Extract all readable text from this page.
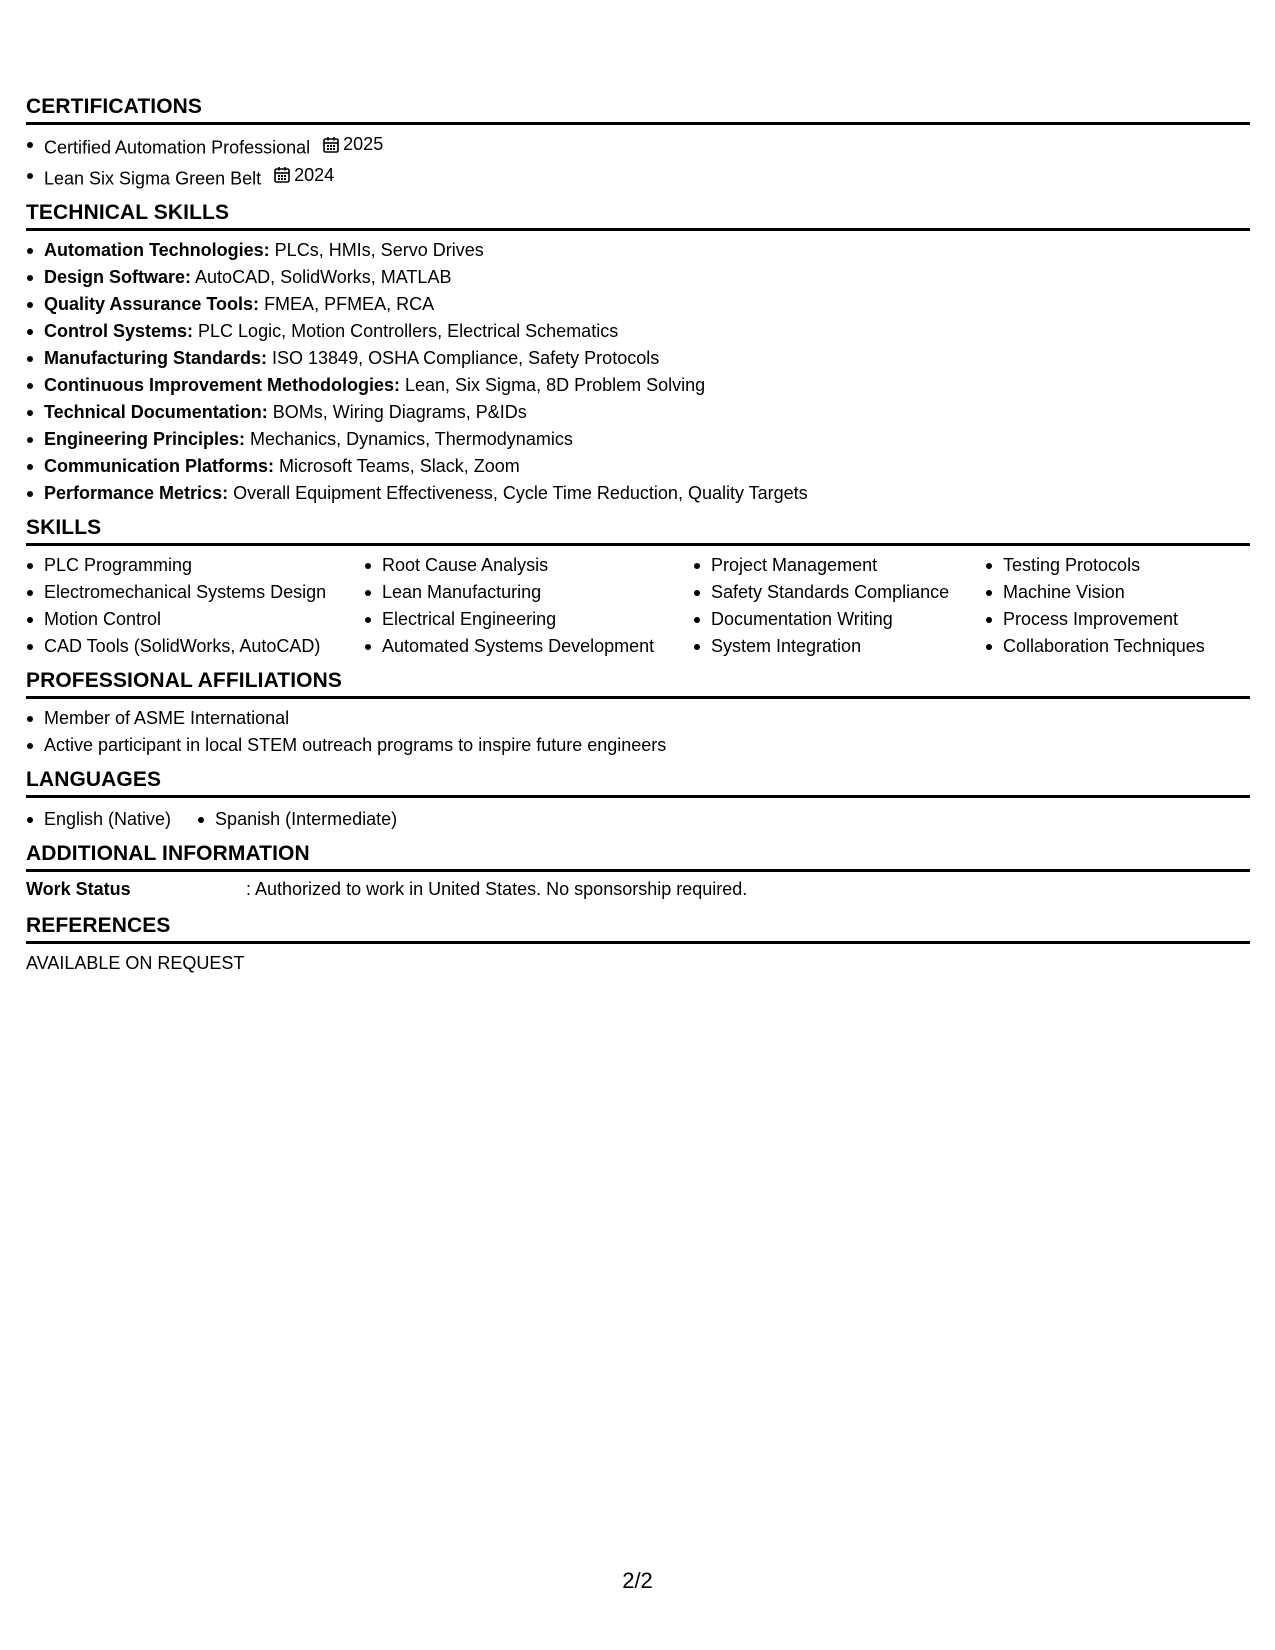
CERTIFICATIONS
Certified Automation Professional 2025
Lean Six Sigma Green Belt 2024
TECHNICAL SKILLS
Automation Technologies: PLCs, HMIs, Servo Drives
Design Software: AutoCAD, SolidWorks, MATLAB
Quality Assurance Tools: FMEA, PFMEA, RCA
Control Systems: PLC Logic, Motion Controllers, Electrical Schematics
Manufacturing Standards: ISO 13849, OSHA Compliance, Safety Protocols
Continuous Improvement Methodologies: Lean, Six Sigma, 8D Problem Solving
Technical Documentation: BOMs, Wiring Diagrams, P&IDs
Engineering Principles: Mechanics, Dynamics, Thermodynamics
Communication Platforms: Microsoft Teams, Slack, Zoom
Performance Metrics: Overall Equipment Effectiveness, Cycle Time Reduction, Quality Targets
SKILLS
PLC Programming
Electromechanical Systems Design
Motion Control
CAD Tools (SolidWorks, AutoCAD)
Root Cause Analysis
Lean Manufacturing
Electrical Engineering
Automated Systems Development
Project Management
Safety Standards Compliance
Documentation Writing
System Integration
Testing Protocols
Machine Vision
Process Improvement
Collaboration Techniques
PROFESSIONAL AFFILIATIONS
Member of ASME International
Active participant in local STEM outreach programs to inspire future engineers
LANGUAGES
English (Native)	Spanish (Intermediate)
ADDITIONAL INFORMATION
Work Status	: Authorized to work in United States. No sponsorship required.
REFERENCES
AVAILABLE ON REQUEST
2/2
